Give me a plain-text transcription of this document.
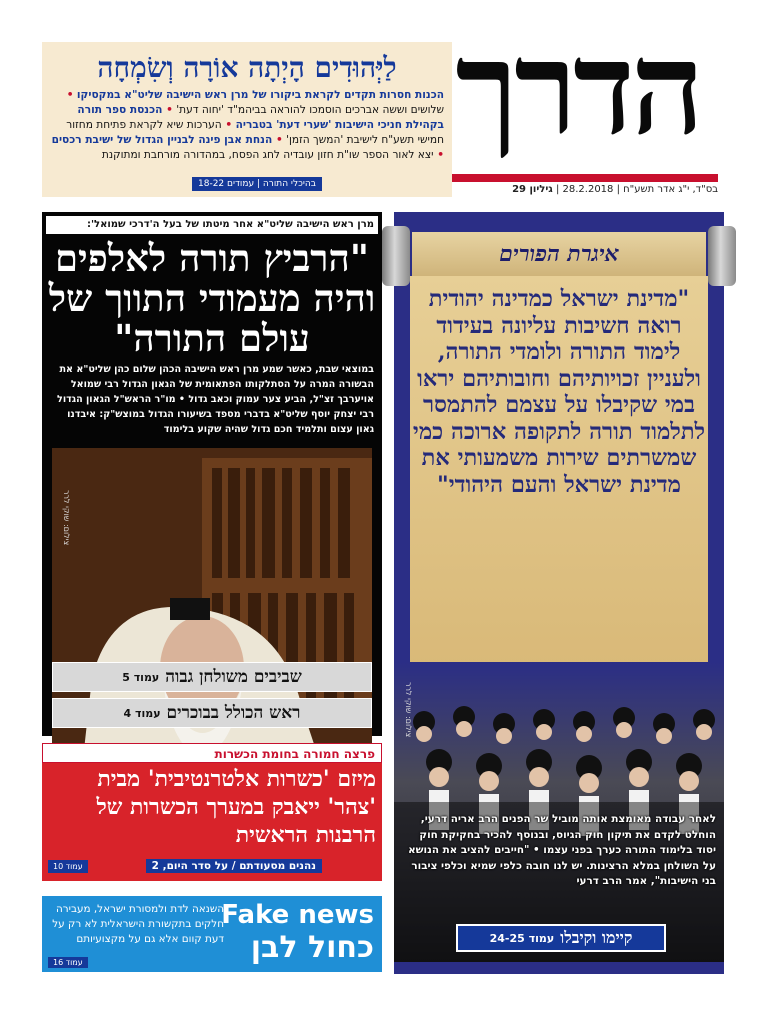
הדרך
בס"ד, י"ג אדר תשע"ח | 28.2.2018 | גיליון 29
לַיְּהוּדִים הָיְתָה אוֹרָה וְשִׂמְחָה
הכנות חסרות תקדים לקראת ביקורו של מרן ראש הישיבה שליט"א במקסיקו • שלושים וששה אברכים הוסמכו להוראה בביהמ"ד 'יחוה דעת' • הכנסת ספר תורה בקהילת חניכי הישיבות 'שערי דעת' בטבריה • הערכות שיא לקראת פתיחת מחזור חמישי תשע"ח לישיבת 'המשך הזמן' • הנחת אבן פינה לבניין הגדול של ישיבת רכסים • יצא לאור הספר שו"ת חזון עובדיה לחג הפסח, במהדורה מורחבת ומתוקנת
בהיכלי התורה | עמודים 18-22
מרן ראש הישיבה שליט"א אחר מיטתו של בעל ה'דרכי שמואל':
"הרביץ תורה לאלפים והיה מעמודי התווך של עולם התורה"
במוצאי שבת, כאשר שמע מרן ראש הישיבה הכהן שלום כהן שליט"א את הבשורה המרה על הסתלקותו הפתאומית של הגאון הגדול רבי שמואל אויערבך זצ"ל, הביע צער עמוק וכאב גדול • מו"ר הראש"ל הגאון הגדול רבי יצחק יוסף שליט"א בדברי מספד בשיעורו הגדול במוצש"ק: איבדנו גאון עצום ותלמיד חכם גדול שהיה שקוע בלימוד
צילום: שוקי לרר
שביבים משולחן גבוה
עמוד 5
ראש הכולל בבוכרים
עמוד 4
פרצה חמורה בחומת הכשרות
מיזם 'כשרות אלטרנטיבית' מבית 'צהר' ייאבק במערך הכשרות של הרבנות הראשית
נהנים מסעודתם / על סדר היום, 2
עמוד 10
Fake news
כחול לבן
השנאה לדת ולמסורת ישראל, מעבירה חלקים בתקשורת הישראלית לא רק על דעת קוום אלא גם על מקצועיותם
עמוד 16
"מדינת ישראל כמדינה יהודית רואה חשיבות עליונה בעידוד לימוד התורה ולומדי התורה, ולעניין זכויותיהם וחובותיהם יראו במי שקיבלו על עצמם להתמסר לתלמוד תורה לתקופה ארוכה כמי שמשרתים שירות משמעותי את מדינת ישראל והעם היהודי"
איגרת הפורים
צילום: שוקי לרר
לאחר עבודה מאומצת אותה מוביל שר הפנים הרב אריה דרעי, הוחלט לקדם את תיקון חוק הגיוס, ובנוסף להכיר בחקיקת חוק יסוד בלימוד התורה כערך בפני עצמו • "חייבים להציב את הנושא על השולחן במלא הרצינות. יש לנו חובה כלפי שמיא וכלפי ציבור בני הישיבות", אמר הרב דרעי
קיימו וקיבלו
עמוד 24-25
